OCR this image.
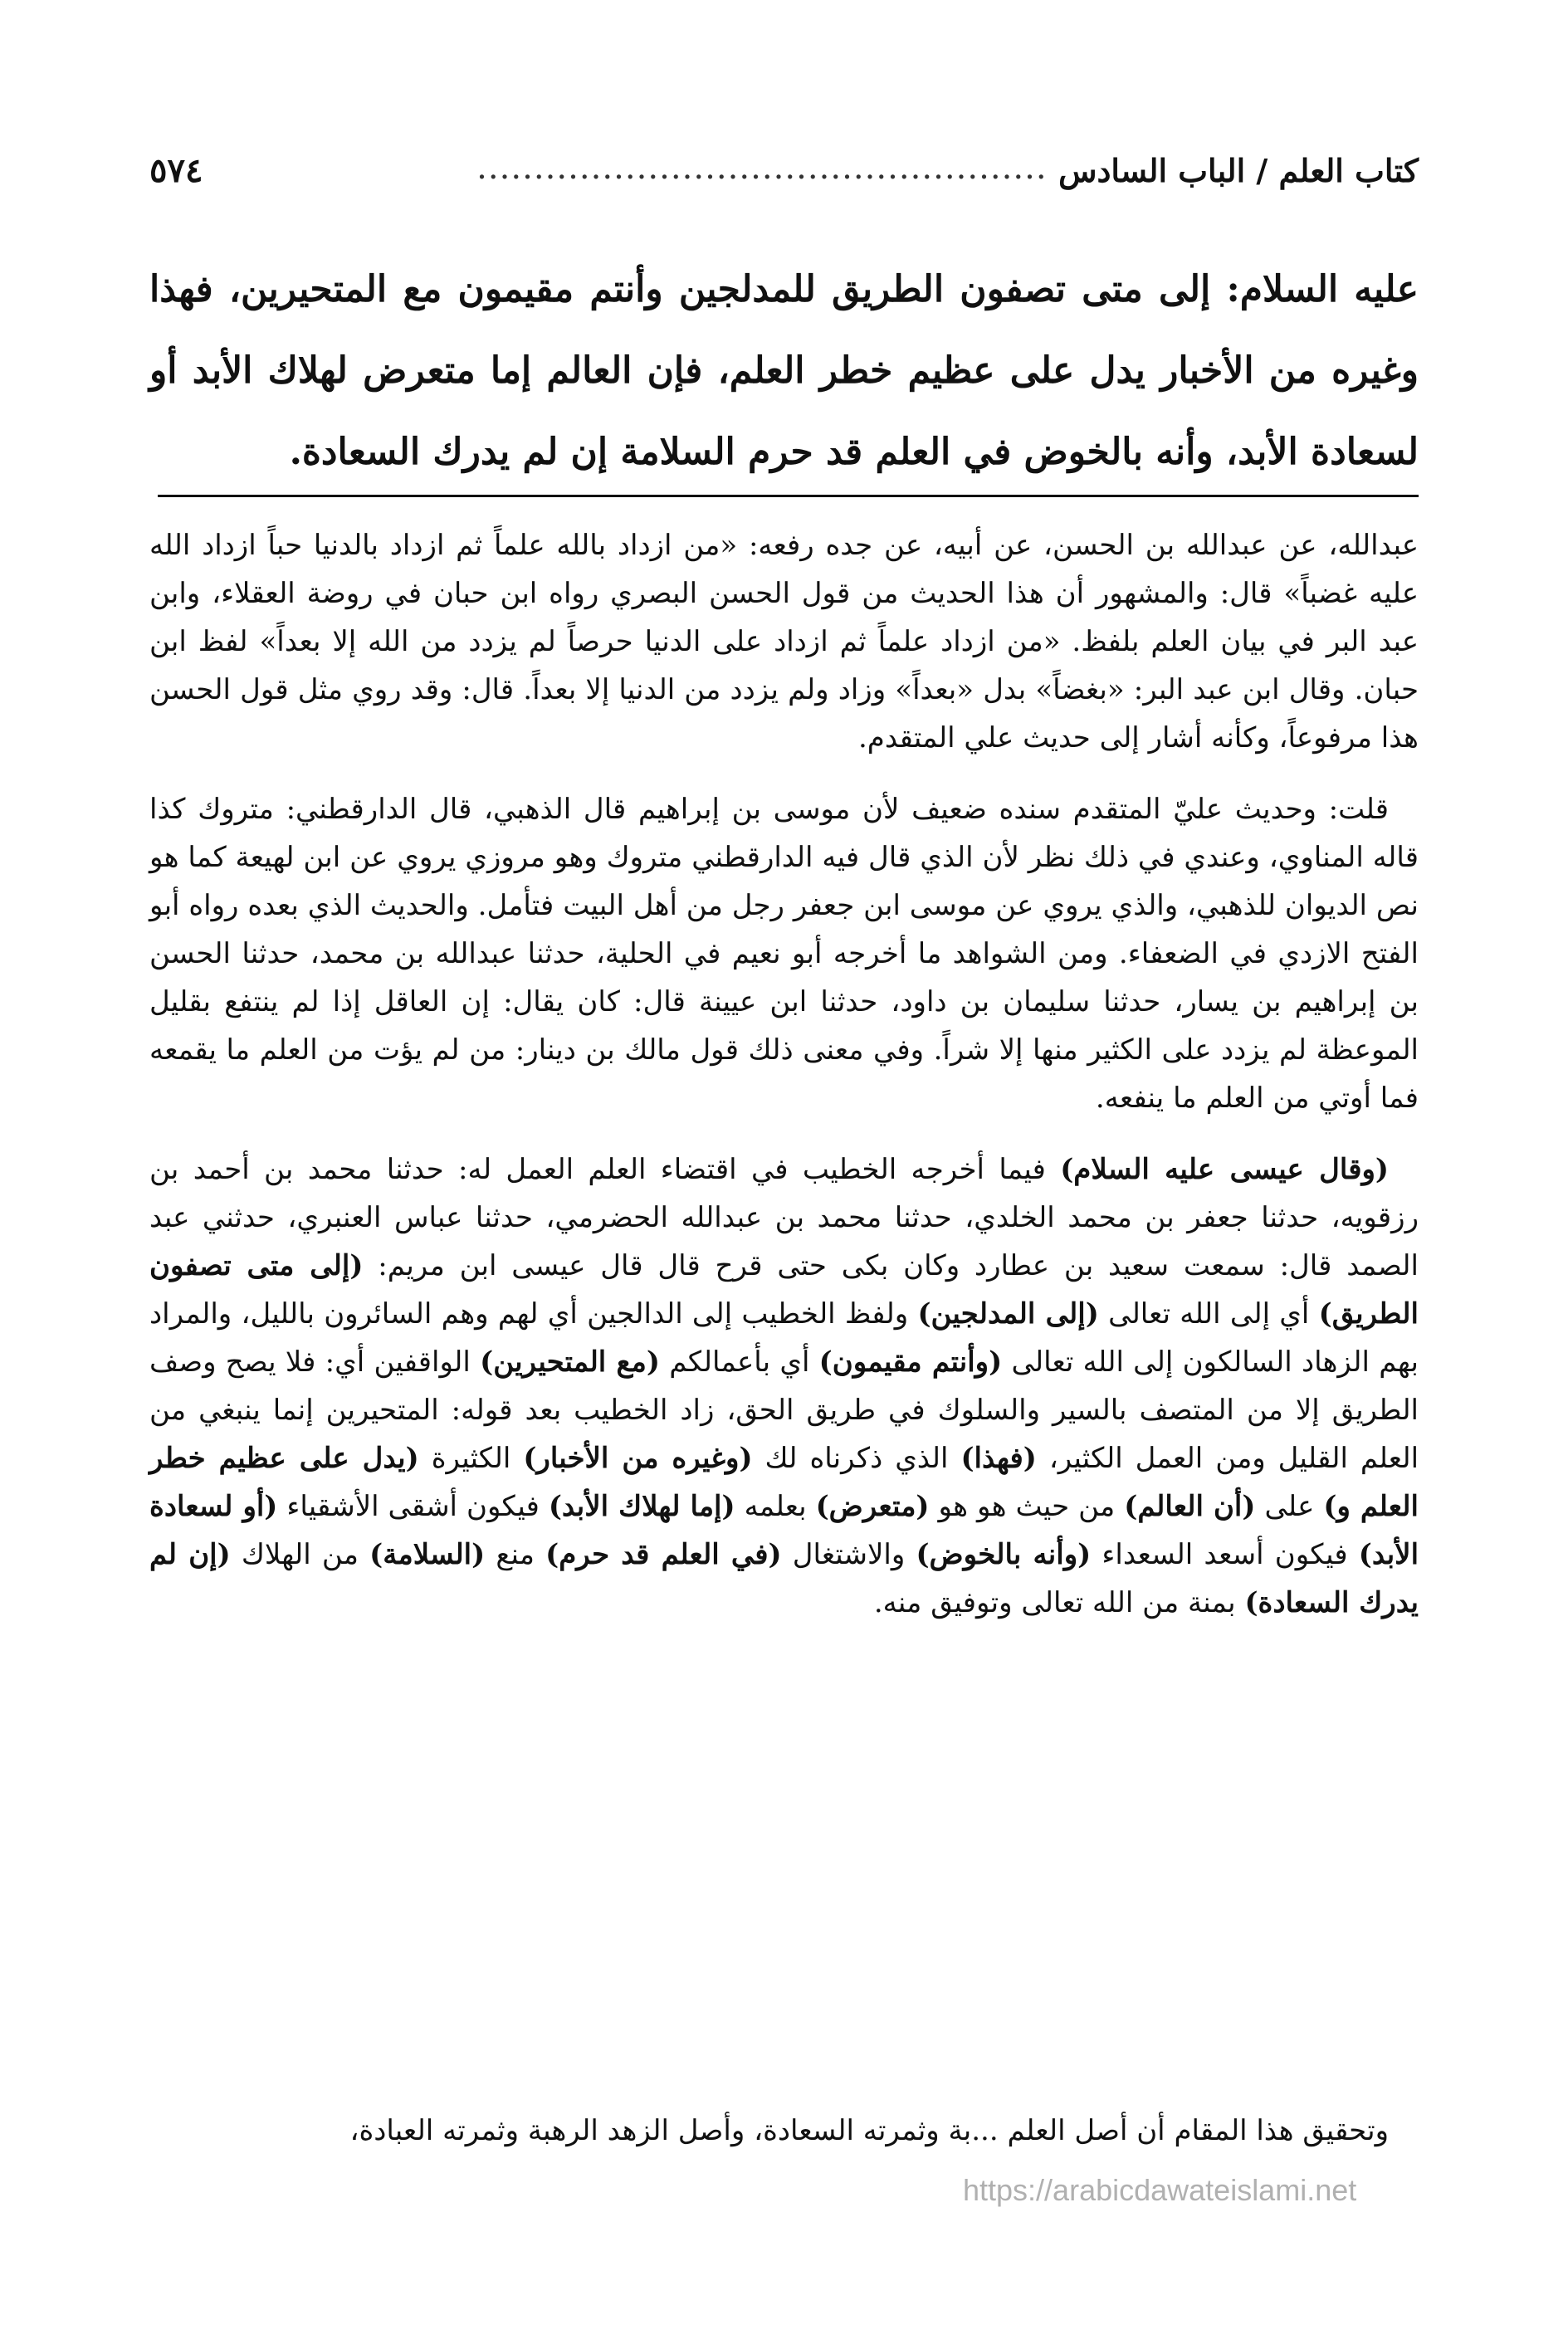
كتاب العلم / الباب السادس
..................................................
٥٧٤
عليه السلام: إلى متى تصفون الطريق للمدلجين وأنتم مقيمون مع المتحيرين، فهذا وغيره من الأخبار يدل على عظيم خطر العلم، فإن العالم إما متعرض لهلاك الأبد أو لسعادة الأبد، وأنه بالخوض في العلم قد حرم السلامة إن لم يدرك السعادة.

عبدالله، عن عبدالله بن الحسن، عن أبيه، عن جده رفعه: «من ازداد بالله علماً ثم ازداد بالدنيا حباً ازداد الله عليه غضباً» قال: والمشهور أن هذا الحديث من قول الحسن البصري رواه ابن حبان في روضة العقلاء، وابن عبد البر في بيان العلم بلفظ. «من ازداد علماً ثم ازداد على الدنيا حرصاً لم يزدد من الله إلا بعداً» لفظ ابن حبان. وقال ابن عبد البر: «بغضاً» بدل «بعداً» وزاد ولم يزدد من الدنيا إلا بعداً. قال: وقد روي مثل قول الحسن هذا مرفوعاً، وكأنه أشار إلى حديث علي المتقدم.

قلت: وحديث عليّ المتقدم سنده ضعيف لأن موسى بن إبراهيم قال الذهبي، قال الدارقطني: متروك كذا قاله المناوي، وعندي في ذلك نظر لأن الذي قال فيه الدارقطني متروك وهو مروزي يروي عن ابن لهيعة كما هو نص الديوان للذهبي، والذي يروي عن موسى ابن جعفر رجل من أهل البيت فتأمل. والحديث الذي بعده رواه أبو الفتح الازدي في الضعفاء. ومن الشواهد ما أخرجه أبو نعيم في الحلية، حدثنا عبدالله بن محمد، حدثنا الحسن بن إبراهيم بن يسار، حدثنا سليمان بن داود، حدثنا ابن عيينة قال: كان يقال: إن العاقل إذا لم ينتفع بقليل الموعظة لم يزدد على الكثير منها إلا شراً. وفي معنى ذلك قول مالك بن دينار: من لم يؤت من العلم ما يقمعه فما أوتي من العلم ما ينفعه.

(وقال عيسى عليه السلام) فيما أخرجه الخطيب في اقتضاء العلم العمل له: حدثنا محمد بن أحمد بن رزقويه، حدثنا جعفر بن محمد الخلدي، حدثنا محمد بن عبدالله الحضرمي، حدثنا عباس العنبري، حدثني عبد الصمد قال: سمعت سعيد بن عطارد وكان بكى حتى قرح قال قال عيسى ابن مريم: (إلى متى تصفون الطريق) أي إلى الله تعالى (إلى المدلجين) ولفظ الخطيب إلى الدالجين أي لهم وهم السائرون بالليل، والمراد بهم الزهاد السالكون إلى الله تعالى (وأنتم مقيمون) أي بأعمالكم (مع المتحيرين) الواقفين أي: فلا يصح وصف الطريق إلا من المتصف بالسير والسلوك في طريق الحق، زاد الخطيب بعد قوله: المتحيرين إنما ينبغي من العلم القليل ومن العمل الكثير، (فهذا) الذي ذكرناه لك (وغيره من الأخبار) الكثيرة (يدل على عظيم خطر العلم و) على (أن العالم) من حيث هو هو (متعرض) بعلمه (إما لهلاك الأبد) فيكون أشقى الأشقياء (أو لسعادة الأبد) فيكون أسعد السعداء (وأنه بالخوض) والاشتغال (في العلم قد حرم) منع (السلامة) من الهلاك (إن لم يدرك السعادة) بمنة من الله تعالى وتوفيق منه.

وتحقيق هذا المقام أن أصل العلم ...بة وثمرته السعادة، وأصل الزهد الرهبة وثمرته العبادة،
https://arabicdawateislami.net
